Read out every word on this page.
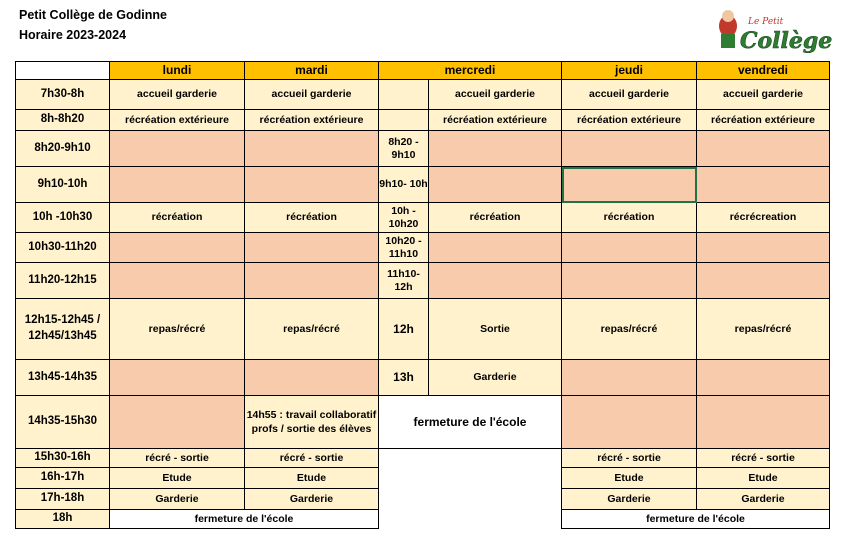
Petit Collège de Godinne
Horaire 2023-2024
Le Petit
Collège
	lundi	mardi	mercredi		jeudi	vendredi
7h30-8h	accueil garderie	accueil garderie		accueil garderie	accueil garderie	accueil garderie
8h-8h20	récréation extérieure	récréation extérieure		récréation extérieure	récréation extérieure	récréation extérieure
8h20-9h10			8h20 - 9h10			
9h10-10h			9h10- 10h			
10h -10h30	récréation	récréation	10h - 10h20	récréation	récréation	récrécreation
10h30-11h20			10h20 - 11h10			
11h20-12h15			11h10- 12h			
12h15-12h45 / 12h45/13h45	repas/récré	repas/récré	12h	Sortie	repas/récré	repas/récré
13h45-14h35			13h	Garderie		
14h35-15h30		14h55 : travail collaboratif profs / sortie des élèves	fermeture de l'école			
15h30-16h	récré - sortie	récré - sortie			récré - sortie	récré - sortie
16h-17h	Etude	Etude			Etude	Etude
17h-18h	Garderie	Garderie			Garderie	Garderie
18h	fermeture de l'école				fermeture de l'école	
